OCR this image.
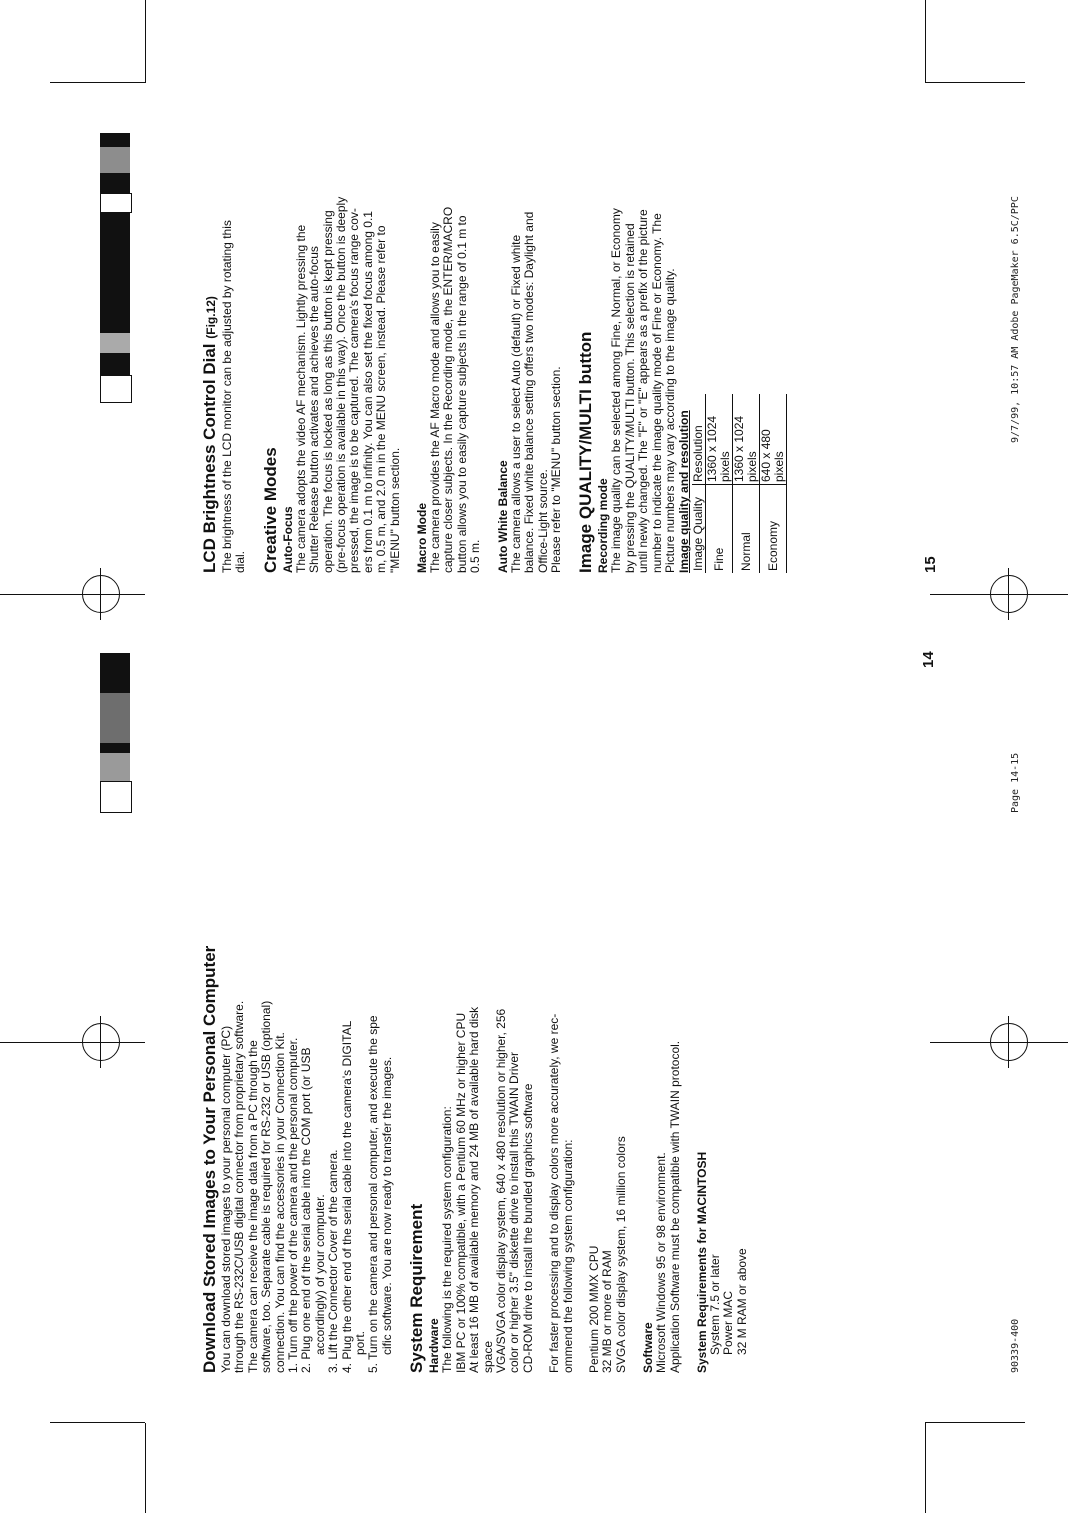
Download Stored Images to Your Personal Computer You can download stored images to your personal computer (PC) through the RS-232C/USB digital connector from proprietary software. The camera can receive the image data from a PC through the software, too. Separate cable is required for RS-232 or USB (optional) connection. You can find the accessories in your Connection Kit. 1. Turn off the power of the camera and the personal computer. 2. Plug one end of the serial cable into the COM port (or USB accordingly) of your computer. 3. Lift the Connector Cover of the camera. 4. Plug the other end of the serial cable into the camera's DIGITAL port. 5. Turn on the camera and personal computer, and execute the spe cific software. You are now ready to transfer the images. System Requirement Hardware The following is the required system configuration: IBM PC or 100% compatible, with a Pentium 60 MHz or higher CPU At least 16 MB of available memory and 24 MB of available hard disk space VGA/SVGA color display system, 640 x 480 resolution or higher, 256 color or higher 3.5" diskette drive to install this TWAIN Driver CD-ROM drive to install the bundled graphics software For faster processing and to display colors more accurately, we rec- ommend the following system configuration: Pentium 200 MMX CPU 32 MB or more of RAM SVGA color display system, 16 million colors Software Microsoft Windows 95 or 98 environment. Application Software must be compatible with TWAIN protocol. System Requirements for MACINTOSH System 7.5 or later Power MAC 32 M RAM or above

14
90339-400
Page 14-15
LCD Brightness Control Dial (Fig.12) The brightness of the LCD monitor can be adjusted by rotating this dial. Creative Modes Auto-Focus The camera adopts the video AF mechanism. Lightly pressing the Shutter Release button activates and achieves the auto-focus operation. The focus is locked as long as this button is kept pressing (pre-focus operation is available in this way). Once the button is deeply pressed, the image is to be captured. The camera's focus range cov- ers from 0.1 m to infinity. You can also set the fixed focus among 0.1 m, 0.5 m, and 2.0 m in the MENU screen, instead. Please refer to "MENU" button section. Macro Mode The camera provides the AF Macro mode and allows you to easily capture closer subjects. In the Recording mode, the ENTER/MACRO button allows you to easily capture subjects in the range of 0.1 m to 0.5 m. Auto White Balance The camera allows a user to select Auto (default) or Fixed white balance. Fixed white balance setting offers two modes: Daylight and Office-Light source. Please refer to "MENU" button section. Image QUALITY/MULTI button Recording mode The image quality can be selected among Fine, Normal, or Economy by pressing the QUALITY/MULTI button. This selection is retained until newly changed. The "F" or "E" appears as a prefix of the picture number to indicate the image quality mode of Fine or Economy. The Picture numbers may vary according to the image quality. Image quality and resolution Image Quality	Resolution
Fine	1360 x 1024 pixels
Normal	1360 x 1024 pixels
Economy	640 x 480 pixels
15
9/7/99, 10:57 AM Adobe PageMaker 6.5C/PPC
